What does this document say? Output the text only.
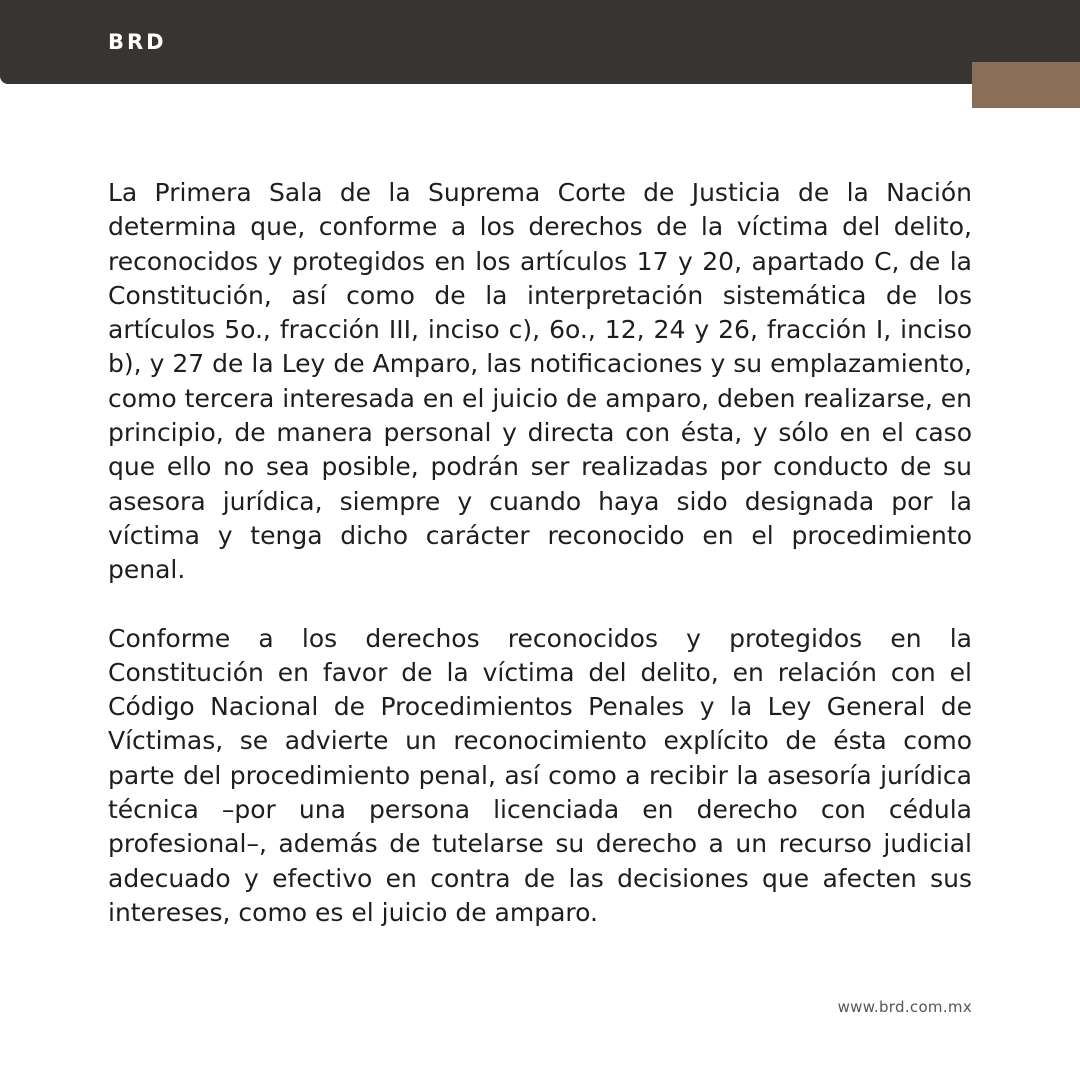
BRD

La Primera Sala de la Suprema Corte de Justicia de la Nación determina que, conforme a los derechos de la víctima del delito, reconocidos y protegidos en los artículos 17 y 20, apartado C, de la Constitución, así como de la interpretación sistemática de los artículos 5o., fracción III, inciso c), 6o., 12, 24 y 26, fracción I, inciso b), y 27 de la Ley de Amparo, las notificaciones y su emplazamiento, como tercera interesada en el juicio de amparo, deben realizarse, en principio, de manera personal y directa con ésta, y sólo en el caso que ello no sea posible, podrán ser realizadas por conducto de su asesora jurídica, siempre y cuando haya sido designada por la víctima y tenga dicho carácter reconocido en el procedimiento penal.

Conforme a los derechos reconocidos y protegidos en la Constitución en favor de la víctima del delito, en relación con el Código Nacional de Procedimientos Penales y la Ley General de Víctimas, se advierte un reconocimiento explícito de ésta como parte del procedimiento penal, así como a recibir la asesoría jurídica técnica –por una persona licenciada en derecho con cédula profesional–, además de tutelarse su derecho a un recurso judicial adecuado y efectivo en contra de las decisiones que afecten sus intereses, como es el juicio de amparo.

www.brd.com.mx
